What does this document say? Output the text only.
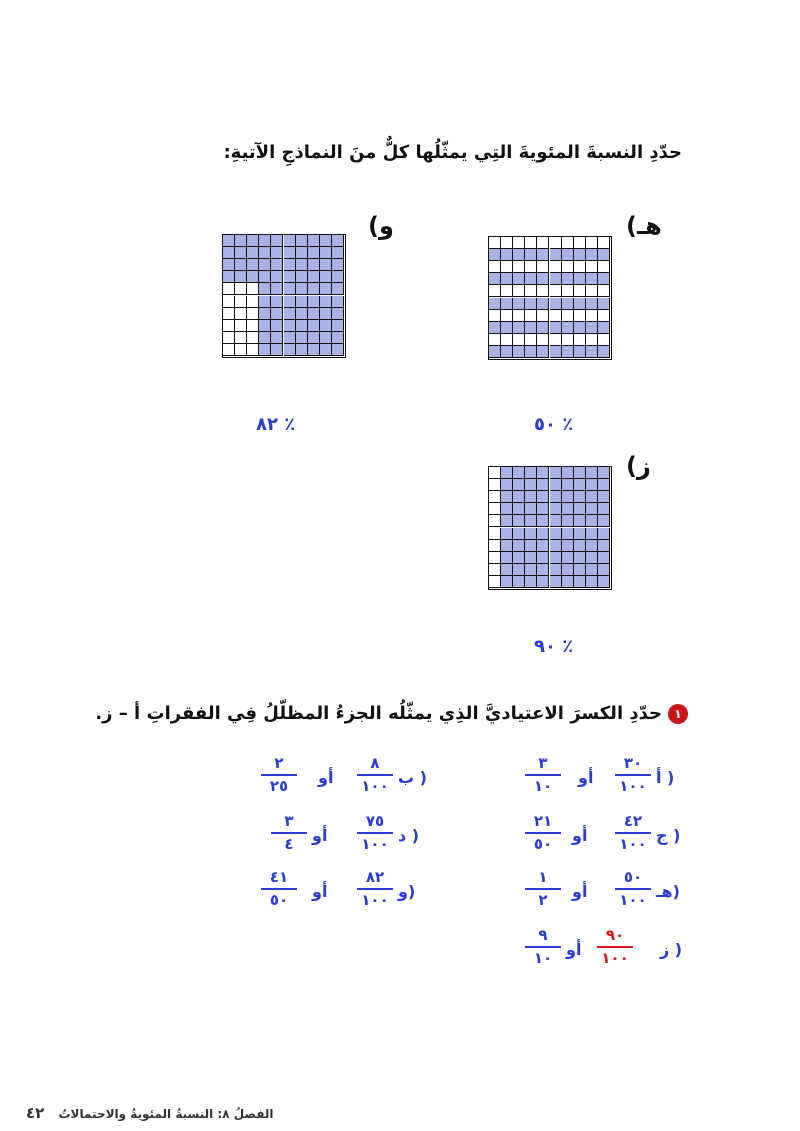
حدّدِ النسبةَ المئويةَ التِي يمثّلُها كلٌّ منَ النماذجِ الآتيةِ:
هـ)
و)
ز)
٪ ٥٠
٪ ٨٢
٪ ٩٠
١حدّدِ الكسرَ الاعتياديَّ الذِي يمثّلُه الجزءُ المظلّلُ فِي الفقراتِ أ – ز.
أ )
٣٠
١٠٠
أو
٣
١٠
ب )
٨
١٠٠
أو
٢
٢٥
ج )
٤٢
١٠٠
أو
٢١
٥٠
د )
٧٥
١٠٠
أو
٣
٤
هـ)
٥٠
١٠٠
أو
١
٢
و)
٨٢
١٠٠
أو
٤١
٥٠
ز )
٩٠
١٠٠
أو
٩
١٠
الفصلُ ٨: النسبةُ المئويةُ والاحتمالاتُ ٤٢
